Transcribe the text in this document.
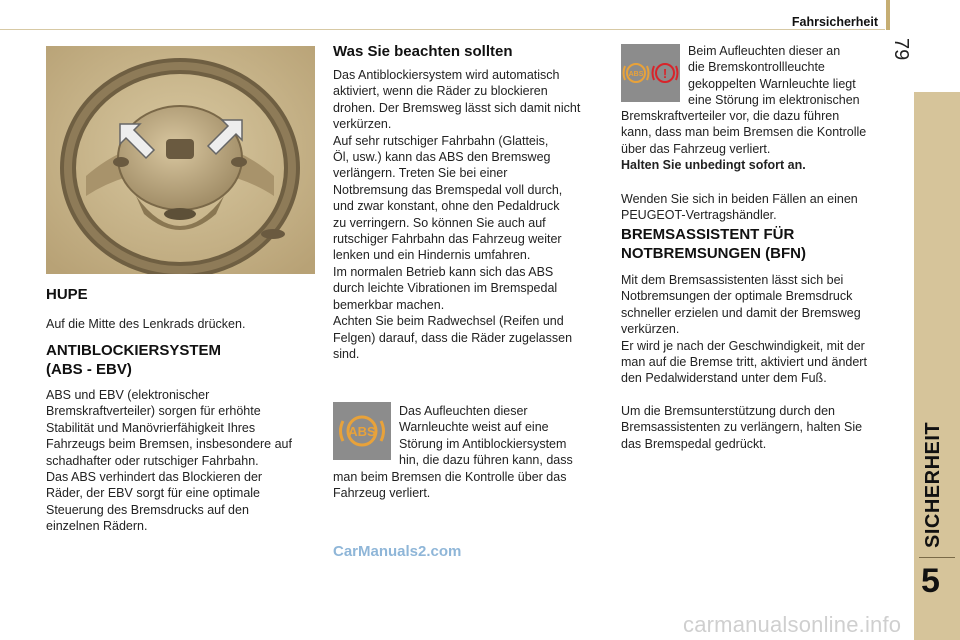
Fahrsicherheit
79
SICHERHEIT
5
HUPE

Auf die Mitte des Lenkrads drücken.

ANTIBLOCKIERSYSTEM
(ABS - EBV)

ABS und EBV (elektronischer

Bremskraftverteiler) sorgen für erhöhte

Stabilität und Manövrierfähigkeit Ihres

Fahrzeugs beim Bremsen, insbesondere auf

schadhafter oder rutschiger Fahrbahn.

Das ABS verhindert das Blockieren der

Räder, der EBV sorgt für eine optimale

Steuerung des Bremsdrucks auf den

einzelnen Rädern.

Was Sie beachten sollten

Das Antiblockiersystem wird automatisch

aktiviert, wenn die Räder zu blockieren

drohen. Der Bremsweg lässt sich damit nicht

verkürzen.

Auf sehr rutschiger Fahrbahn (Glatteis,

Öl, usw.) kann das ABS den Bremsweg

verlängern. Treten Sie bei einer

Notbremsung das Bremspedal voll durch,

und zwar konstant, ohne den Pedaldruck

zu verringern. So können Sie auch auf

rutschiger Fahrbahn das Fahrzeug weiter

lenken und ein Hindernis umfahren.

Im normalen Betrieb kann sich das ABS

durch leichte Vibrationen im Bremspedal

bemerkbar machen.

Achten Sie beim Radwechsel (Reifen und

Felgen) darauf, dass die Räder zugelassen

sind.

ABS

Das Aufleuchten dieser

Warnleuchte weist auf eine

Störung im Antiblockiersystem

hin, die dazu führen kann, dass

man beim Bremsen die Kontrolle über das

Fahrzeug verliert.

CarManuals2.com
ABS !

Beim Aufleuchten dieser an

die Bremskontrollleuchte

gekoppelten Warnleuchte liegt

eine Störung im elektronischen

Bremskraftverteiler vor, die dazu führen

kann, dass man beim Bremsen die Kontrolle

über das Fahrzeug verliert.

Halten Sie unbedingt sofort an.

Wenden Sie sich in beiden Fällen an einen

PEUGEOT-Vertragshändler.

BREMSASSISTENT FÜR
NOTBREMSUNGEN (BFN)

Mit dem Bremsassistenten lässt sich bei

Notbremsungen der optimale Bremsdruck

schneller erzielen und damit der Bremsweg

verkürzen.

Er wird je nach der Geschwindigkeit, mit der

man auf die Bremse tritt, aktiviert und ändert

den Pedalwiderstand unter dem Fuß.

Um die Bremsunterstützung durch den

Bremsassistenten zu verlängern, halten Sie

das Bremspedal gedrückt.

carmanualsonline.info
